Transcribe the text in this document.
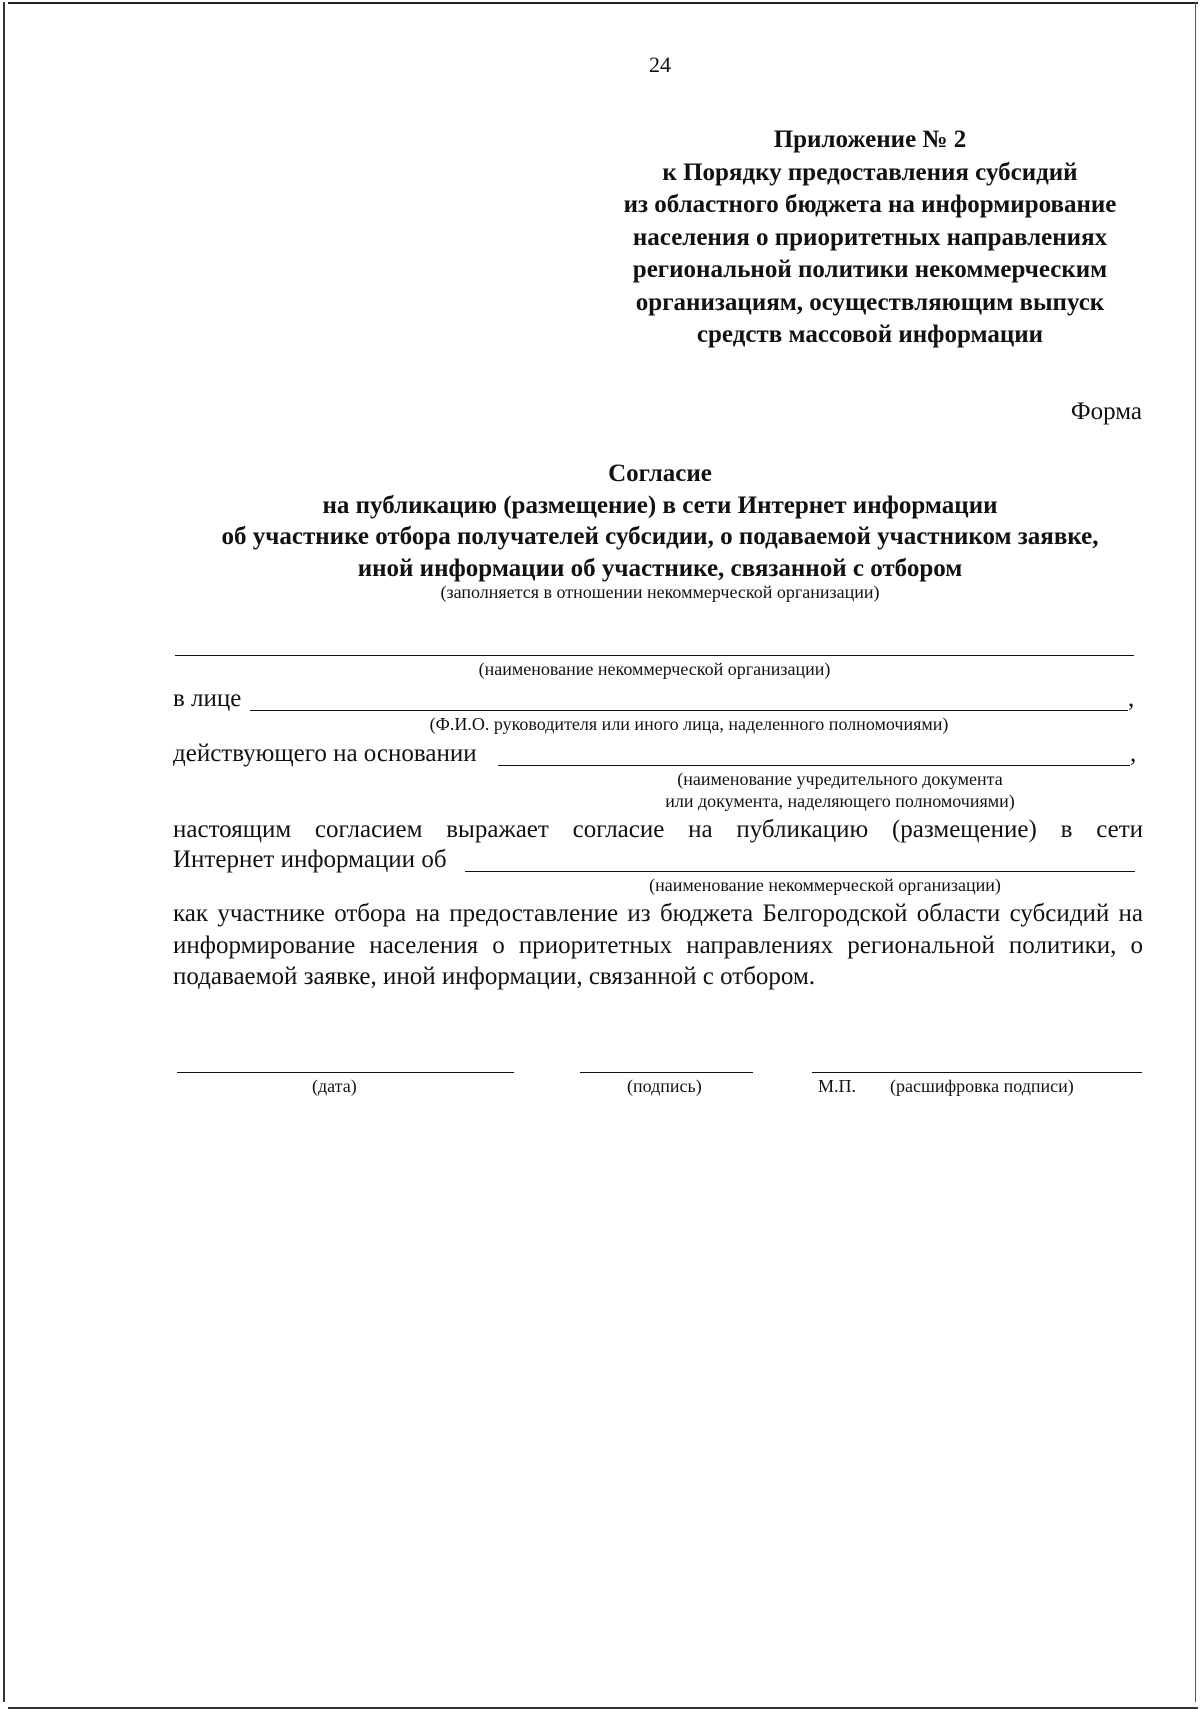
24
Приложение № 2
к Порядку предоставления субсидий
из областного бюджета на информирование
населения о приоритетных направлениях
региональной политики некоммерческим
организациям, осуществляющим выпуск
средств массовой информации
Форма
Согласие
на публикацию (размещение) в сети Интернет информации
об участнике отбора получателей субсидии, о подаваемой участником заявке,
иной информации об участнике, связанной с отбором
(заполняется в отношении некоммерческой организации)
(наименование некоммерческой организации)
в лице	,
(Ф.И.О. руководителя или иного лица, наделенного полномочиями)
действующего на основании	,
(наименование учредительного документа
или документа, наделяющего полномочиями)
настоящим согласием выражает согласие на публикацию (размещение) в сети
Интернет информации об
(наименование некоммерческой организации)
как участнике отбора на предоставление из бюджета Белгородской области субсидий на информирование населения о приоритетных направлениях региональной политики, о подаваемой заявке, иной информации, связанной с отбором.
(дата)	(подпись)	М.П. (расшифровка подписи)
